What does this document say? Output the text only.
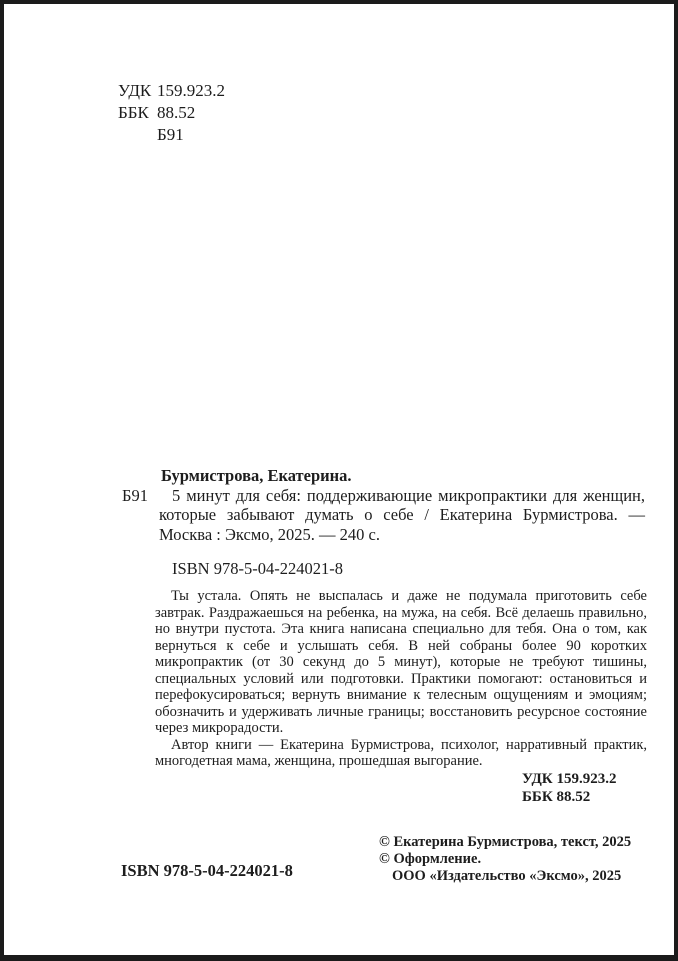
УДК 159.923.2
ББК 88.52
Б91
Бурмистрова, Екатерина.

Б91 5 минут для себя: поддерживающие микропрактики для женщин, которые забывают думать о себе / Екатерина Бурмистрова. — Москва : Эксмо, 2025. — 240 с.

ISBN 978-5-04-224021-8

Ты устала. Опять не выспалась и даже не подумала приготовить себе завтрак. Раздражаешься на ребенка, на мужа, на себя. Всё делаешь правильно, но внутри пустота. Эта книга написана специально для тебя. Она о том, как вернуться к себе и услышать себя. В ней собраны более 90 коротких микропрактик (от 30 секунд до 5 минут), которые не требуют тишины, специальных условий или подготовки. Практики помогают: остановиться и перефокусироваться; вернуть внимание к телесным ощущениям и эмоциям; обозначить и удерживать личные границы; восстановить ресурсное состояние через микрорадости.

Автор книги — Екатерина Бурмистрова, психолог, нарративный практик, многодетная мама, женщина, прошедшая выгорание.

УДК 159.923.2
ББК 88.52
ISBN 978-5-04-224021-8
© Екатерина Бурмистрова, текст, 2025
© Оформление.
ООО «Издательство «Эксмо», 2025
